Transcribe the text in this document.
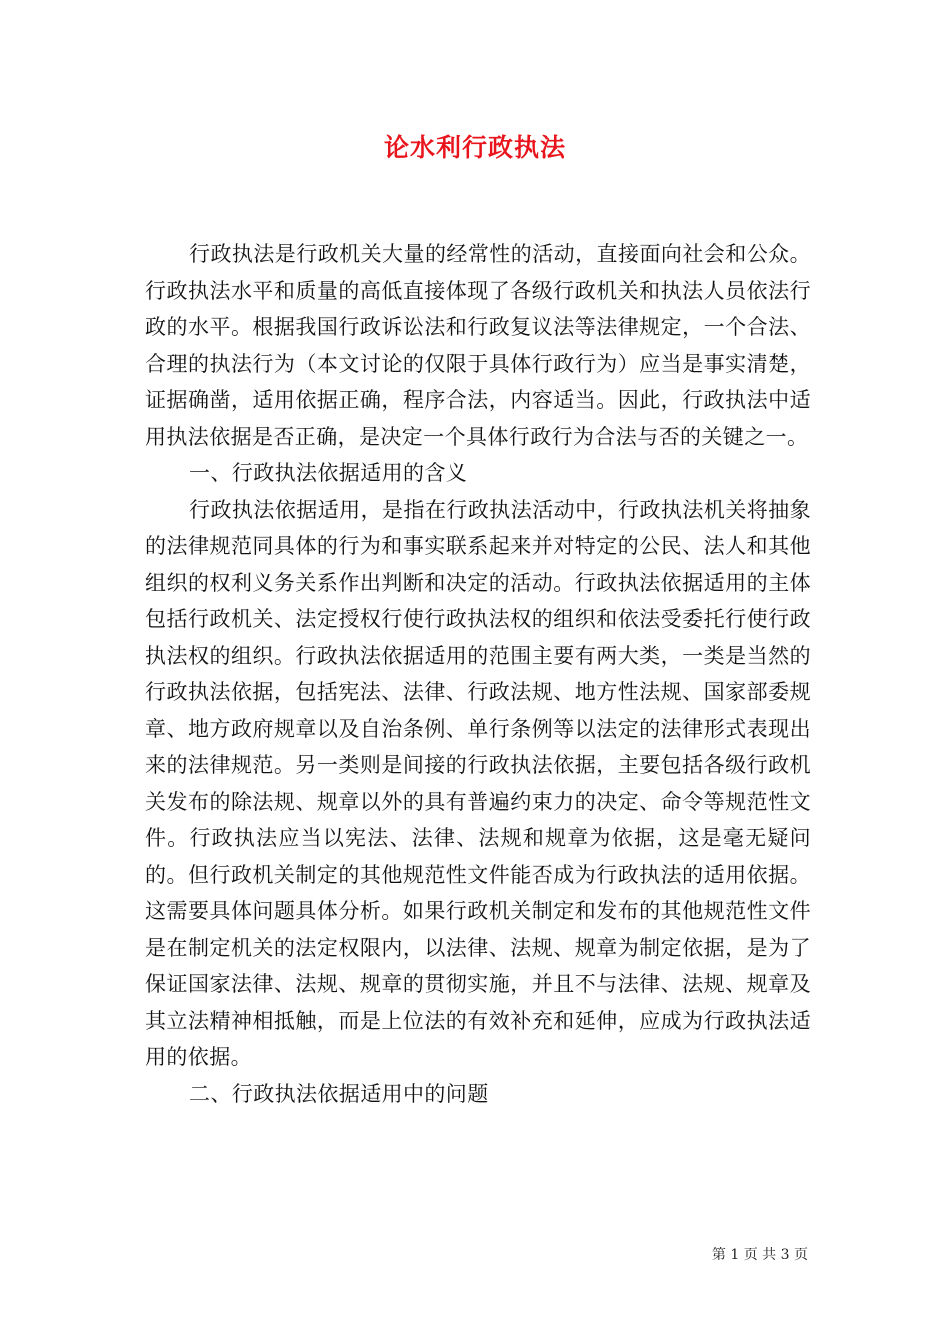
论水利行政执法

行政执法是行政机关大量的经常性的活动，直接面向社会和公众。行政执法水平和质量的高低直接体现了各级行政机关和执法人员依法行政的水平。根据我国行政诉讼法和行政复议法等法律规定，一个合法、合理的执法行为（本文讨论的仅限于具体行政行为）应当是事实清楚，证据确凿，适用依据正确，程序合法，内容适当。因此，行政执法中适用执法依据是否正确，是决定一个具体行政行为合法与否的关键之一。

一、行政执法依据适用的含义

行政执法依据适用，是指在行政执法活动中，行政执法机关将抽象的法律规范同具体的行为和事实联系起来并对特定的公民、法人和其他组织的权利义务关系作出判断和决定的活动。行政执法依据适用的主体包括行政机关、法定授权行使行政执法权的组织和依法受委托行使行政执法权的组织。行政执法依据适用的范围主要有两大类，一类是当然的行政执法依据，包括宪法、法律、行政法规、地方性法规、国家部委规章、地方政府规章以及自治条例、单行条例等以法定的法律形式表现出来的法律规范。另一类则是间接的行政执法依据，主要包括各级行政机关发布的除法规、规章以外的具有普遍约束力的决定、命令等规范性文件。行政执法应当以宪法、法律、法规和规章为依据，这是毫无疑问的。但行政机关制定的其他规范性文件能否成为行政执法的适用依据。这需要具体问题具体分析。如果行政机关制定和发布的其他规范性文件是在制定机关的法定权限内，以法律、法规、规章为制定依据，是为了保证国家法律、法规、规章的贯彻实施，并且不与法律、法规、规章及其立法精神相抵触，而是上位法的有效补充和延伸，应成为行政执法适用的依据。

二、行政执法依据适用中的问题

第 1 页 共 3 页
